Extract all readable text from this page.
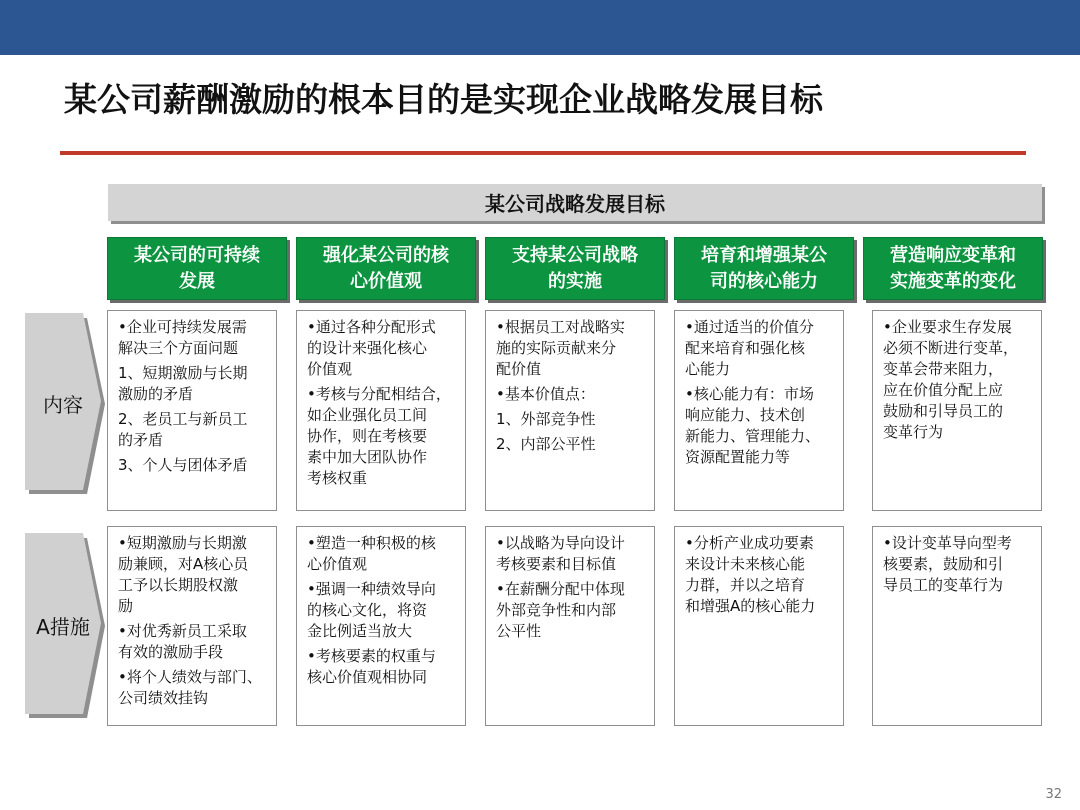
某公司薪酬激励的根本目的是实现企业战略发展目标
某公司战略发展目标
某公司的可持续
发展
强化某公司的核
心价值观
支持某公司战略
的实施
培育和增强某公
司的核心能力
营造响应变革和
实施变革的变化
内容
A措施

•企业可持续发展需
解决三个方面问题

1、短期激励与长期
激励的矛盾

2、老员工与新员工
的矛盾

3、个人与团体矛盾

•通过各种分配形式
的设计来强化核心
价值观

•考核与分配相结合，
如企业强化员工间
协作，则在考核要
素中加大团队协作
考核权重

•根据员工对战略实
施的实际贡献来分
配价值

•基本价值点：

1、外部竞争性

2、内部公平性

•通过适当的价值分
配来培育和强化核
心能力

•核心能力有：市场
响应能力、技术创
新能力、管理能力、
资源配置能力等

•企业要求生存发展
必须不断进行变革，
变革会带来阻力，
应在价值分配上应
鼓励和引导员工的
变革行为

•短期激励与长期激
励兼顾，对A核心员
工予以长期股权激
励

•对优秀新员工采取
有效的激励手段

•将个人绩效与部门、
公司绩效挂钩

•塑造一种积极的核
心价值观

•强调一种绩效导向
的核心文化，将资
金比例适当放大

•考核要素的权重与
核心价值观相协同

•以战略为导向设计
考核要素和目标值

•在薪酬分配中体现
外部竞争性和内部
公平性

•分析产业成功要素
来设计未来核心能
力群，并以之培育
和增强A的核心能力

•设计变革导向型考
核要素，鼓励和引
导员工的变革行为

32
